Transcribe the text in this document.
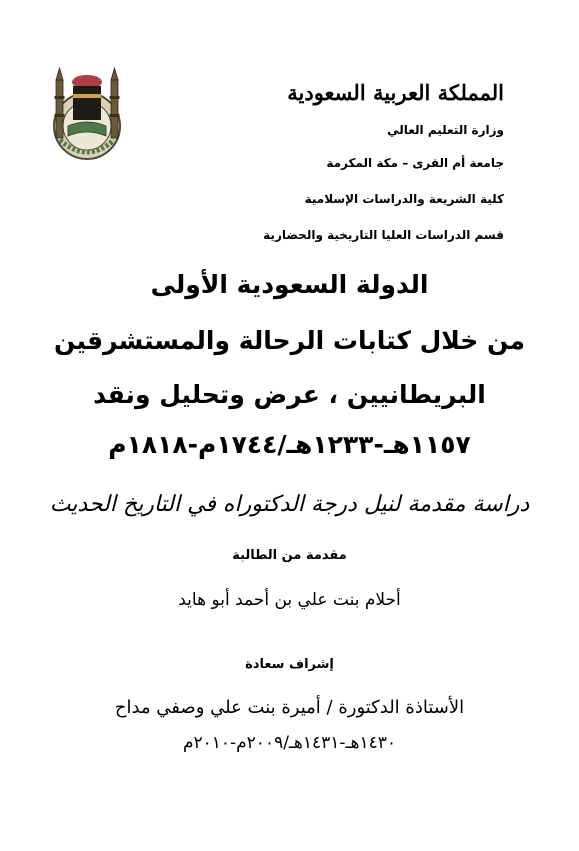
المملكة العربية السعودية
وزارة التعليم العالي
جامعة أم القرى – مكة المكرمة
كلية الشريعة والدراسات الإسلامية
قسم الدراسات العليا التاريخية والحضارية
الدولة السعودية الأولى
من خلال كتابات الرحالة والمستشرقين
البريطانيين ، عرض وتحليل ونقد
١١٥٧هـ-١٢٣٣هـ/١٧٤٤م-١٨١٨م
دراسة مقدمة لنيل درجة الدكتوراه في التاريخ الحديث
مقدمة من الطالبة
أحلام بنت علي بن أحمد أبو هايد
إشراف سعادة
الأستاذة الدكتورة / أميرة بنت علي وصفي مداح
١٤٣٠هـ-١٤٣١هـ/٢٠٠٩م-٢٠١٠م
